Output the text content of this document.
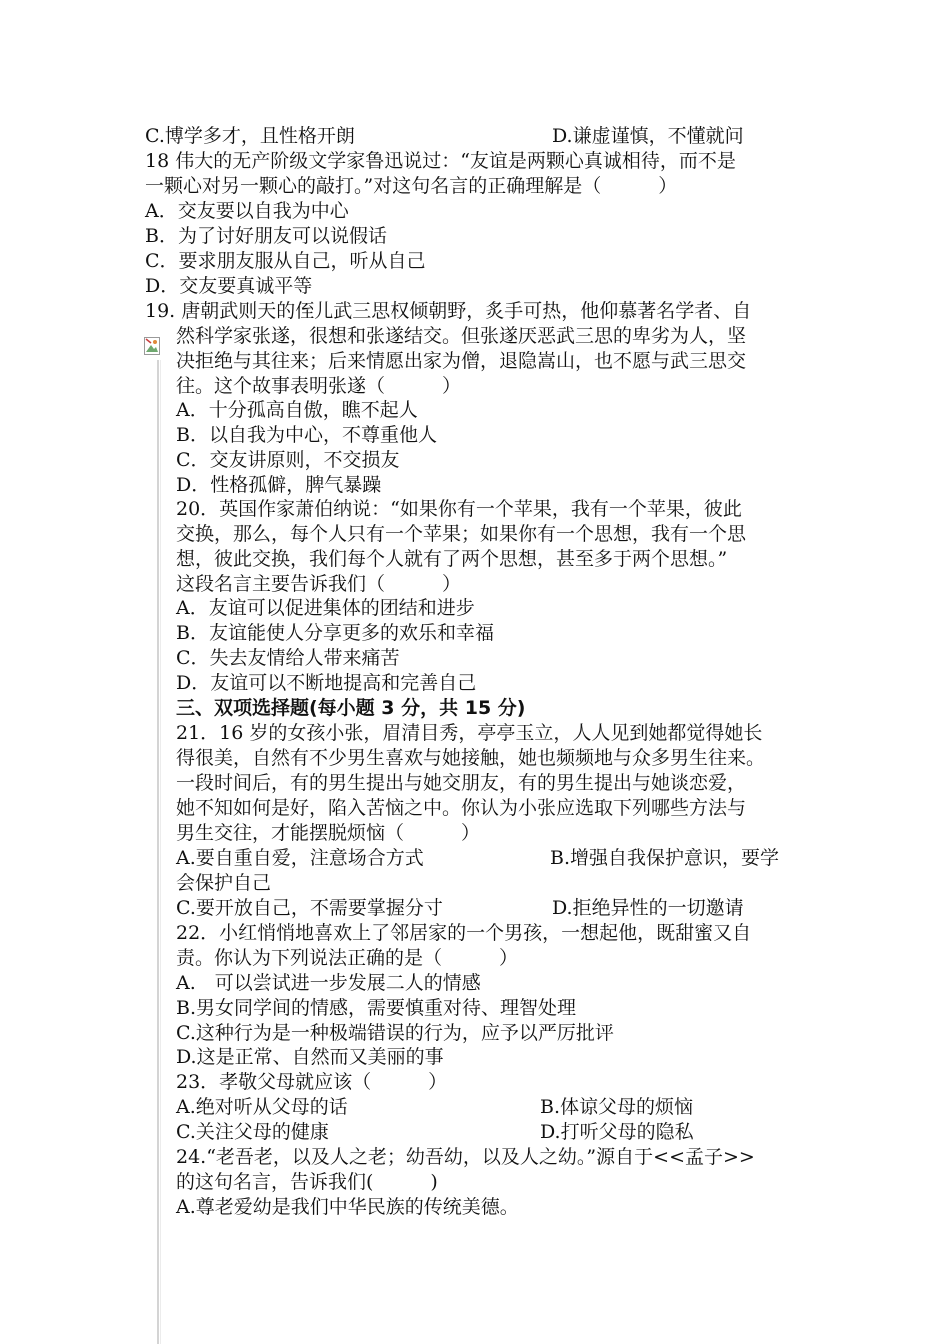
C.博学多才，且性格开朗	D.谦虚谨慎，不懂就问
18 伟大的无产阶级文学家鲁迅说过：“友谊是两颗心真诚相待，而不是
一颗心对另一颗心的敲打。”对这句名言的正确理解是（　　　）
A．交友要以自我为中心
B．为了讨好朋友可以说假话
C．要求朋友服从自己，听从自己
D．交友要真诚平等
19. 唐朝武则天的侄儿武三思权倾朝野，炙手可热，他仰慕著名学者、自
然科学家张遂，很想和张遂结交。但张遂厌恶武三思的卑劣为人，坚
决拒绝与其往来；后来情愿出家为僧，退隐嵩山，也不愿与武三思交
往。这个故事表明张遂（　　　）
A．十分孤高自傲，瞧不起人
B．以自我为中心，不尊重他人
C．交友讲原则，不交损友
D．性格孤僻，脾气暴躁
20．英国作家萧伯纳说：“如果你有一个苹果，我有一个苹果，彼此
交换，那么，每个人只有一个苹果；如果你有一个思想，我有一个思
想，彼此交换，我们每个人就有了两个思想，甚至多于两个思想。”
这段名言主要告诉我们（　　　）
A．友谊可以促进集体的团结和进步
B．友谊能使人分享更多的欢乐和幸福
C．失去友情给人带来痛苦
D．友谊可以不断地提高和完善自己
三、双项选择题(每小题 3 分，共 15 分)
21．16 岁的女孩小张，眉清目秀，亭亭玉立，人人见到她都觉得她长
得很美，自然有不少男生喜欢与她接触，她也频频地与众多男生往来。
一段时间后，有的男生提出与她交朋友，有的男生提出与她谈恋爱，
她不知如何是好，陷入苦恼之中。你认为小张应选取下列哪些方法与
男生交往，才能摆脱烦恼（　　　）
A.要自重自爱，注意场合方式	B.增强自我保护意识，要学
会保护自己
C.要开放自己，不需要掌握分寸	D.拒绝异性的一切邀请
22．小红悄悄地喜欢上了邻居家的一个男孩，一想起他，既甜蜜又自
责。你认为下列说法正确的是（　　　）
A.　可以尝试进一步发展二人的情感
B.男女同学间的情感，需要慎重对待、理智处理
C.这种行为是一种极端错误的行为，应予以严厉批评
D.这是正常、自然而又美丽的事
23．孝敬父母就应该（　　　）
A.绝对听从父母的话	B.体谅父母的烦恼
C.关注父母的健康	D.打听父母的隐私
24.“老吾老，以及人之老；幼吾幼，以及人之幼。”源自于<<孟子>>
的这句名言，告诉我们(　　　)
A.尊老爱幼是我们中华民族的传统美德。
